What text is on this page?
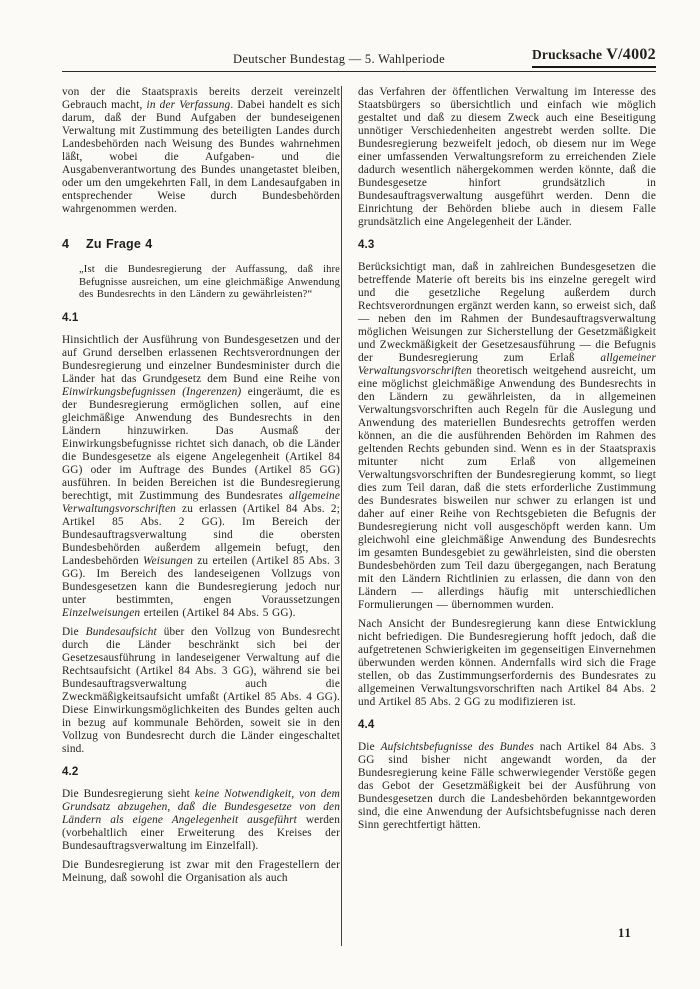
Deutscher Bundestag — 5. Wahlperiode	Drucksache V/4002

von der die Staatspraxis bereits derzeit vereinzelt Gebrauch macht, in der Verfassung. Dabei handelt es sich darum, daß der Bund Aufgaben der bundeseigenen Verwaltung mit Zustimmung des beteiligten Landes durch Landesbehörden nach Weisung des Bundes wahrnehmen läßt, wobei die Aufgaben- und die Ausgabenverantwortung des Bundes unangetastet bleiben, oder um den umgekehrten Fall, in dem Landesaufgaben in entsprechender Weise durch Bundesbehörden wahrgenommen werden.

4 Zu Frage 4

„Ist die Bundesregierung der Auffassung, daß ihre Befugnisse ausreichen, um eine gleichmäßige Anwendung des Bundesrechts in den Ländern zu gewährleisten?“

4.1

Hinsichtlich der Ausführung von Bundesgesetzen und der auf Grund derselben erlassenen Rechtsverordnungen der Bundesregierung und einzelner Bundesminister durch die Länder hat das Grundgesetz dem Bund eine Reihe von Einwirkungsbefugnissen (Ingerenzen) eingeräumt, die es der Bundesregierung ermöglichen sollen, auf eine gleichmäßige Anwendung des Bundesrechts in den Ländern hinzuwirken. Das Ausmaß der Einwirkungsbefugnisse richtet sich danach, ob die Länder die Bundesgesetze als eigene Angelegenheit (Artikel 84 GG) oder im Auftrage des Bundes (Artikel 85 GG) ausführen. In beiden Bereichen ist die Bundesregierung berechtigt, mit Zustimmung des Bundesrates allgemeine Verwaltungsvorschriften zu erlassen (Artikel 84 Abs. 2; Artikel 85 Abs. 2 GG). Im Bereich der Bundesauftragsverwaltung sind die obersten Bundesbehörden außerdem allgemein befugt, den Landesbehörden Weisungen zu erteilen (Artikel 85 Abs. 3 GG). Im Bereich des landeseigenen Vollzugs von Bundesgesetzen kann die Bundesregierung jedoch nur unter bestimmten, engen Voraussetzungen Einzelweisungen erteilen (Artikel 84 Abs. 5 GG).

Die Bundesaufsicht über den Vollzug von Bundesrecht durch die Länder beschränkt sich bei der Gesetzesausführung in landeseigener Verwaltung auf die Rechtsaufsicht (Artikel 84 Abs. 3 GG), während sie bei Bundesauftragsverwaltung auch die Zweckmäßigkeitsaufsicht umfaßt (Artikel 85 Abs. 4 GG). Diese Einwirkungsmöglichkeiten des Bundes gelten auch in bezug auf kommunale Behörden, soweit sie in den Vollzug von Bundesrecht durch die Länder eingeschaltet sind.

4.2

Die Bundesregierung sieht keine Notwendigkeit, von dem Grundsatz abzugehen, daß die Bundesgesetze von den Ländern als eigene Angelegenheit ausgeführt werden (vorbehaltlich einer Erweiterung des Kreises der Bundesauftragsverwaltung im Einzelfall).

Die Bundesregierung ist zwar mit den Fragestellern der Meinung, daß sowohl die Organisation als auch

das Verfahren der öffentlichen Verwaltung im Interesse des Staatsbürgers so übersichtlich und einfach wie möglich gestaltet und daß zu diesem Zweck auch eine Beseitigung unnötiger Verschiedenheiten angestrebt werden sollte. Die Bundesregierung bezweifelt jedoch, ob diesem nur im Wege einer umfassenden Verwaltungsreform zu erreichenden Ziele dadurch wesentlich nähergekommen werden könnte, daß die Bundesgesetze hinfort grundsätzlich in Bundesauftragsverwaltung ausgeführt werden. Denn die Einrichtung der Behörden bliebe auch in diesem Falle grundsätzlich eine Angelegenheit der Länder.

4.3

Berücksichtigt man, daß in zahlreichen Bundesgesetzen die betreffende Materie oft bereits bis ins einzelne geregelt wird und die gesetzliche Regelung außerdem durch Rechtsverordnungen ergänzt werden kann, so erweist sich, daß — neben den im Rahmen der Bundesauftragsverwaltung möglichen Weisungen zur Sicherstellung der Gesetzmäßigkeit und Zweckmäßigkeit der Gesetzesausführung — die Befugnis der Bundesregierung zum Erlaß allgemeiner Verwaltungsvorschriften theoretisch weitgehend ausreicht, um eine möglichst gleichmäßige Anwendung des Bundesrechts in den Ländern zu gewährleisten, da in allgemeinen Verwaltungsvorschriften auch Regeln für die Auslegung und Anwendung des materiellen Bundesrechts getroffen werden können, an die die ausführenden Behörden im Rahmen des geltenden Rechts gebunden sind. Wenn es in der Staatspraxis mitunter nicht zum Erlaß von allgemeinen Verwaltungsvorschriften der Bundesregierung kommt, so liegt dies zum Teil daran, daß die stets erforderliche Zustimmung des Bundesrates bisweilen nur schwer zu erlangen ist und daher auf einer Reihe von Rechtsgebieten die Befugnis der Bundesregierung nicht voll ausgeschöpft werden kann. Um gleichwohl eine gleichmäßige Anwendung des Bundesrechts im gesamten Bundesgebiet zu gewährleisten, sind die obersten Bundesbehörden zum Teil dazu übergegangen, nach Beratung mit den Ländern Richtlinien zu erlassen, die dann von den Ländern — allerdings häufig mit unterschiedlichen Formulierungen — übernommen wurden.

Nach Ansicht der Bundesregierung kann diese Entwicklung nicht befriedigen. Die Bundesregierung hofft jedoch, daß die aufgetretenen Schwierigkeiten im gegenseitigen Einvernehmen überwunden werden können. Andernfalls wird sich die Frage stellen, ob das Zustimmungserfordernis des Bundesrates zu allgemeinen Verwaltungsvorschriften nach Artikel 84 Abs. 2 und Artikel 85 Abs. 2 GG zu modifizieren ist.

4.4

Die Aufsichtsbefugnisse des Bundes nach Artikel 84 Abs. 3 GG sind bisher nicht angewandt worden, da der Bundesregierung keine Fälle schwerwiegender Verstöße gegen das Gebot der Gesetzmäßigkeit bei der Ausführung von Bundesgesetzen durch die Landesbehörden bekanntgeworden sind, die eine Anwendung der Aufsichtsbefugnisse nach deren Sinn gerechtfertigt hätten.

11
